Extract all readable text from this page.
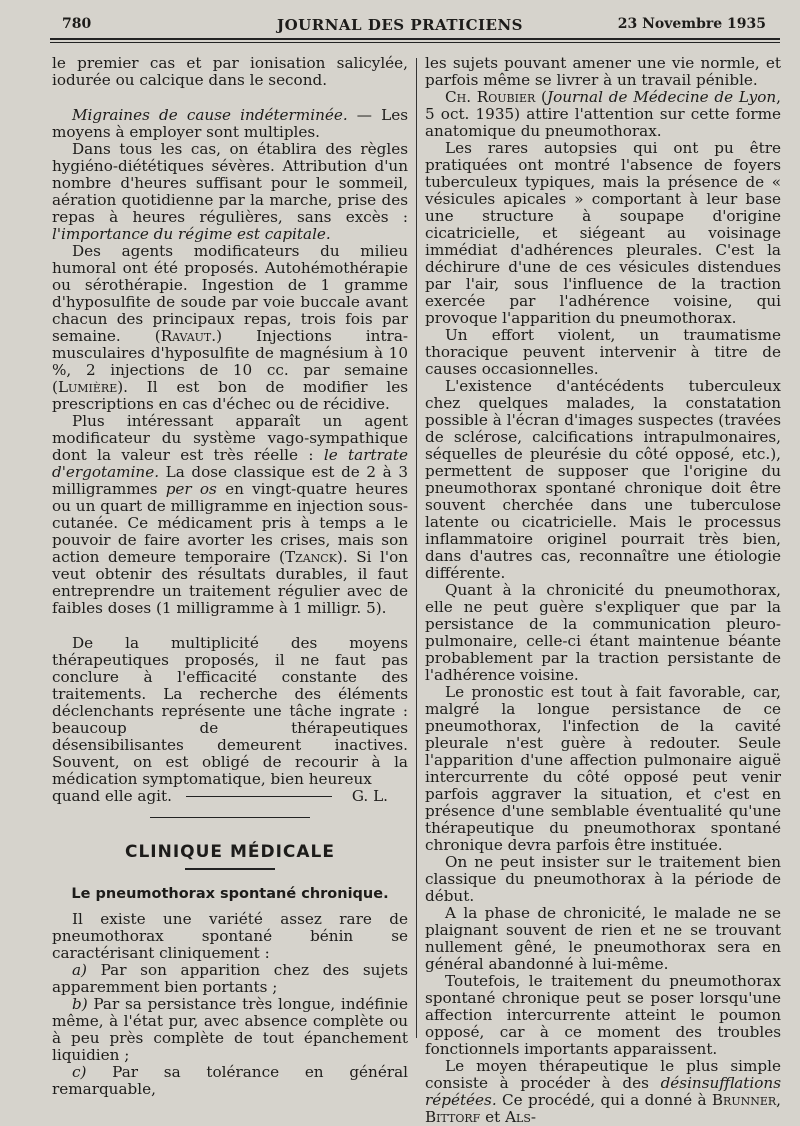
780	JOURNAL DES PRATICIENS	23 Novembre 1935

le premier cas et par ionisation salicylée, iodurée ou calcique dans le second.

Migraines de cause indéterminée. — Les moyens à employer sont multiples.

Dans tous les cas, on établira des règles hygiéno-diététiques sévères. Attribution d'un nombre d'heures suffisant pour le sommeil, aération quotidienne par la marche, prise des repas à heures régulières, sans excès : l'importance du régime est capitale.

Des agents modificateurs du milieu humoral ont été proposés. Autohémothérapie ou sérothérapie. Ingestion de 1 gramme d'hyposulfite de soude par voie buccale avant chacun des principaux repas, trois fois par semaine. (Ravaut.) Injections intra-musculaires d'hyposulfite de magnésium à 10 %, 2 injections de 10 cc. par semaine (Lumière). Il est bon de modifier les prescriptions en cas d'échec ou de récidive.

Plus intéressant apparaît un agent modificateur du système vago-sympathique dont la valeur est très réelle : le tartrate d'ergotamine. La dose classique est de 2 à 3 milligrammes per os en vingt-quatre heures ou un quart de milligramme en injection sous-cutanée. Ce médicament pris à temps a le pouvoir de faire avorter les crises, mais son action demeure temporaire (Tzanck). Si l'on veut obtenir des résultats durables, il faut entreprendre un traitement régulier avec de faibles doses (1 milligramme à 1 milligr. 5).

De la multiplicité des moyens thérapeutiques proposés, il ne faut pas conclure à l'efficacité constante des traitements. La recherche des éléments déclenchants représente une tâche ingrate : beaucoup de thérapeutiques désensibilisantes demeurent inactives. Souvent, on est obligé de recourir à la médication symptomatique, bien heureux

quand elle agit.	G. L.
CLINIQUE MÉDICALE
Le pneumothorax spontané chronique.

Il existe une variété assez rare de pneumothorax spontané bénin se caractérisant cliniquement :

a) Par son apparition chez des sujets apparemment bien portants ;

b) Par sa persistance très longue, indéfinie même, à l'état pur, avec absence complète ou à peu près complète de tout épanchement liquidien ;

c) Par sa tolérance en général remarquable,

les sujets pouvant amener une vie normle, et parfois même se livrer à un travail pénible.

Ch. Roubier (Journal de Médecine de Lyon, 5 oct. 1935) attire l'attention sur cette forme anatomique du pneumothorax.

Les rares autopsies qui ont pu être pratiquées ont montré l'absence de foyers tuberculeux typiques, mais la présence de « vésicules apicales » comportant à leur base une structure à soupape d'origine cicatricielle, et siégeant au voisinage immédiat d'adhérences pleurales. C'est la déchirure d'une de ces vésicules distendues par l'air, sous l'influence de la traction exercée par l'adhérence voisine, qui provoque l'apparition du pneumothorax.

Un effort violent, un traumatisme thoracique peuvent intervenir à titre de causes occasionnelles.

L'existence d'antécédents tuberculeux chez quelques malades, la constatation possible à l'écran d'images suspectes (travées de sclérose, calcifications intrapulmonaires, séquelles de pleurésie du côté opposé, etc.), permettent de supposer que l'origine du pneumothorax spontané chronique doit être souvent cherchée dans une tuberculose latente ou cicatricielle. Mais le processus inflammatoire originel pourrait très bien, dans d'autres cas, reconnaître une étiologie différente.

Quant à la chronicité du pneumothorax, elle ne peut guère s'expliquer que par la persistance de la communication pleuro-pulmonaire, celle-ci étant maintenue béante probablement par la traction persistante de l'adhérence voisine.

Le pronostic est tout à fait favorable, car, malgré la longue persistance de ce pneumothorax, l'infection de la cavité pleurale n'est guère à redouter. Seule l'apparition d'une affection pulmonaire aiguë intercurrente du côté opposé peut venir parfois aggraver la situation, et c'est en présence d'une semblable éventualité qu'une thérapeutique du pneumothorax spontané chronique devra parfois être instituée.

On ne peut insister sur le traitement bien classique du pneumothorax à la période de début.

A la phase de chronicité, le malade ne se plaignant souvent de rien et ne se trouvant nullement gêné, le pneumothorax sera en général abandonné à lui-même.

Toutefois, le traitement du pneumothorax spontané chronique peut se poser lorsqu'une affection intercurrente atteint le poumon opposé, car à ce moment des troubles fonctionnels importants apparaissent.

Le moyen thérapeutique le plus simple consiste à procéder à des désinsufflations répétées. Ce procédé, qui a donné à Brunner, Bittorf et Als-
